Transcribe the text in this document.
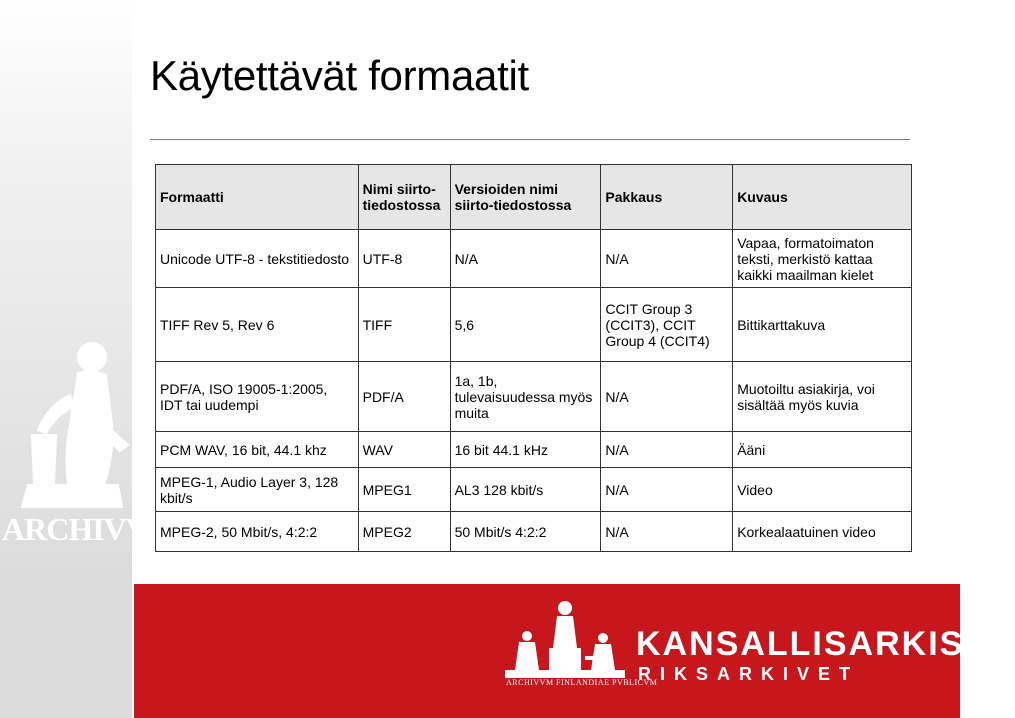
ARCHIVVM
Käytettävät formaatit
Formaatti	Nimi siirto-tiedostossa	Versioiden nimi siirto-tiedostossa	Pakkaus	Kuvaus
Unicode UTF-8 - tekstitiedosto	UTF-8	N/A	N/A	Vapaa, formatoimaton teksti, merkistö kattaa kaikki maailman kielet
TIFF Rev 5, Rev 6	TIFF	5,6	CCIT Group 3 (CCIT3), CCIT Group 4 (CCIT4)	Bittikarttakuva
PDF/A, ISO 19005-1:2005, IDT tai uudempi	PDF/A	1a, 1b, tulevaisuudessa myös muita	N/A	Muotoiltu asiakirja, voi sisältää myös kuvia
PCM WAV, 16 bit, 44.1 khz	WAV	16 bit 44.1 kHz	N/A	Ääni
MPEG-1, Audio Layer 3, 128 kbit/s	MPEG1	AL3 128 kbit/s	N/A	Video
MPEG-2, 50 Mbit/s, 4:2:2	MPEG2	50 Mbit/s 4:2:2	N/A	Korkealaatuinen video
ARCHIVVM FINLANDIAE PVBLICVM
KANSALLISARKISTO
RIKSARKIVET
